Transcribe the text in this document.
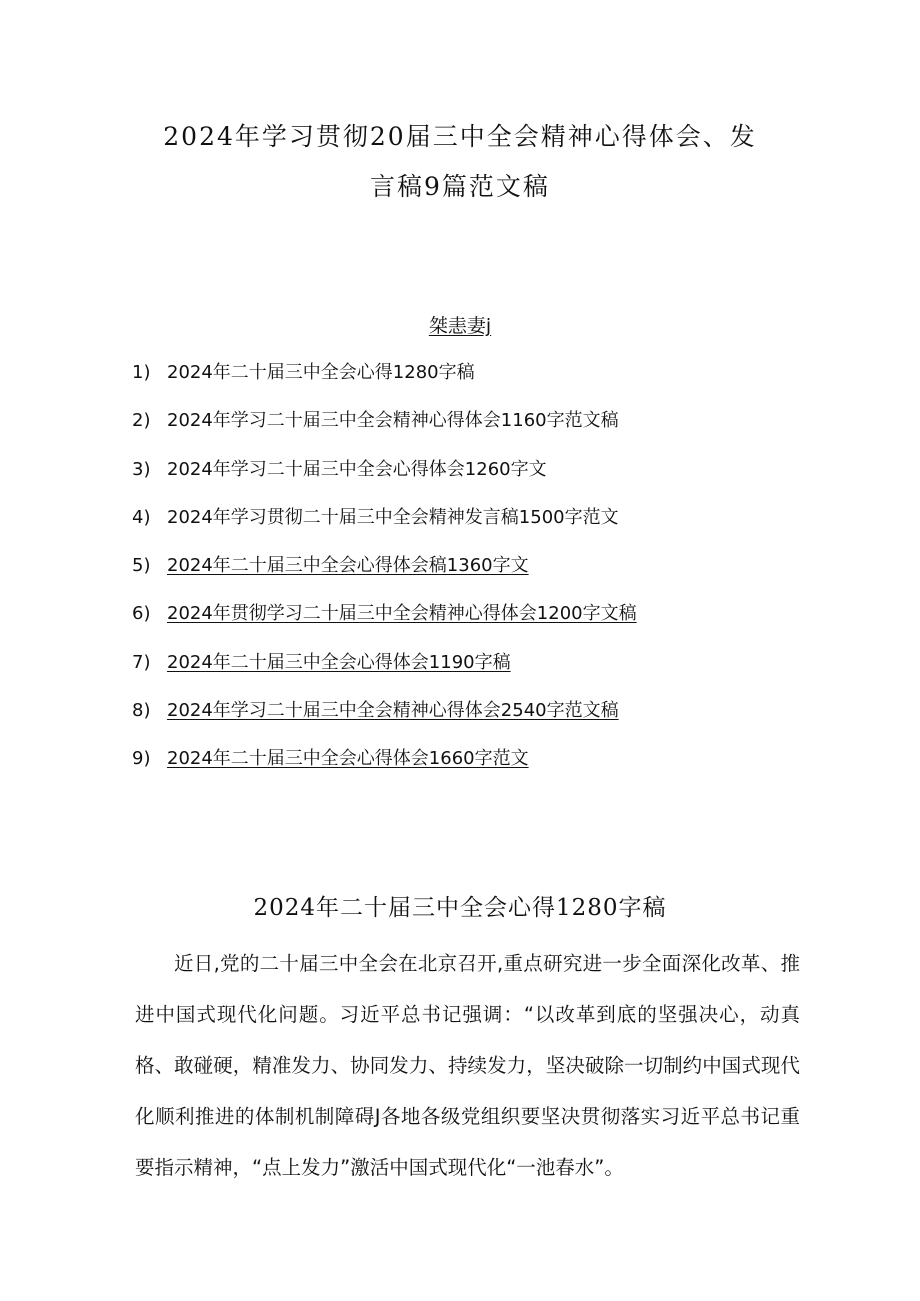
2024年学习贯彻20届三中全会精神心得体会、发言稿9篇范文稿
桀恚妻j
1) 2024年二十届三中全会心得1280字稿
2) 2024年学习二十届三中全会精神心得体会1160字范文稿
3) 2024年学习二十届三中全会心得体会1260字文
4) 2024年学习贯彻二十届三中全会精神发言稿1500字范文
5) 2024年二十届三中全会心得体会稿1360字文
6) 2024年贯彻学习二十届三中全会精神心得体会1200字文稿
7) 2024年二十届三中全会心得体会1190字稿
8) 2024年学习二十届三中全会精神心得体会2540字范文稿
9) 2024年二十届三中全会心得体会1660字范文
2024年二十届三中全会心得1280字稿

近日,党的二十届三中全会在北京召开,重点研究进一步全面深化改革、推进中国式现代化问题。习近平总书记强调：“以改革到底的坚强决心，动真格、敢碰硬，精准发力、协同发力、持续发力，坚决破除一切制约中国式现代化顺利推进的体制机制障碍J各地各级党组织要坚决贯彻落实习近平总书记重要指示精神，“点上发力”激活中国式现代化“一池春水”。
